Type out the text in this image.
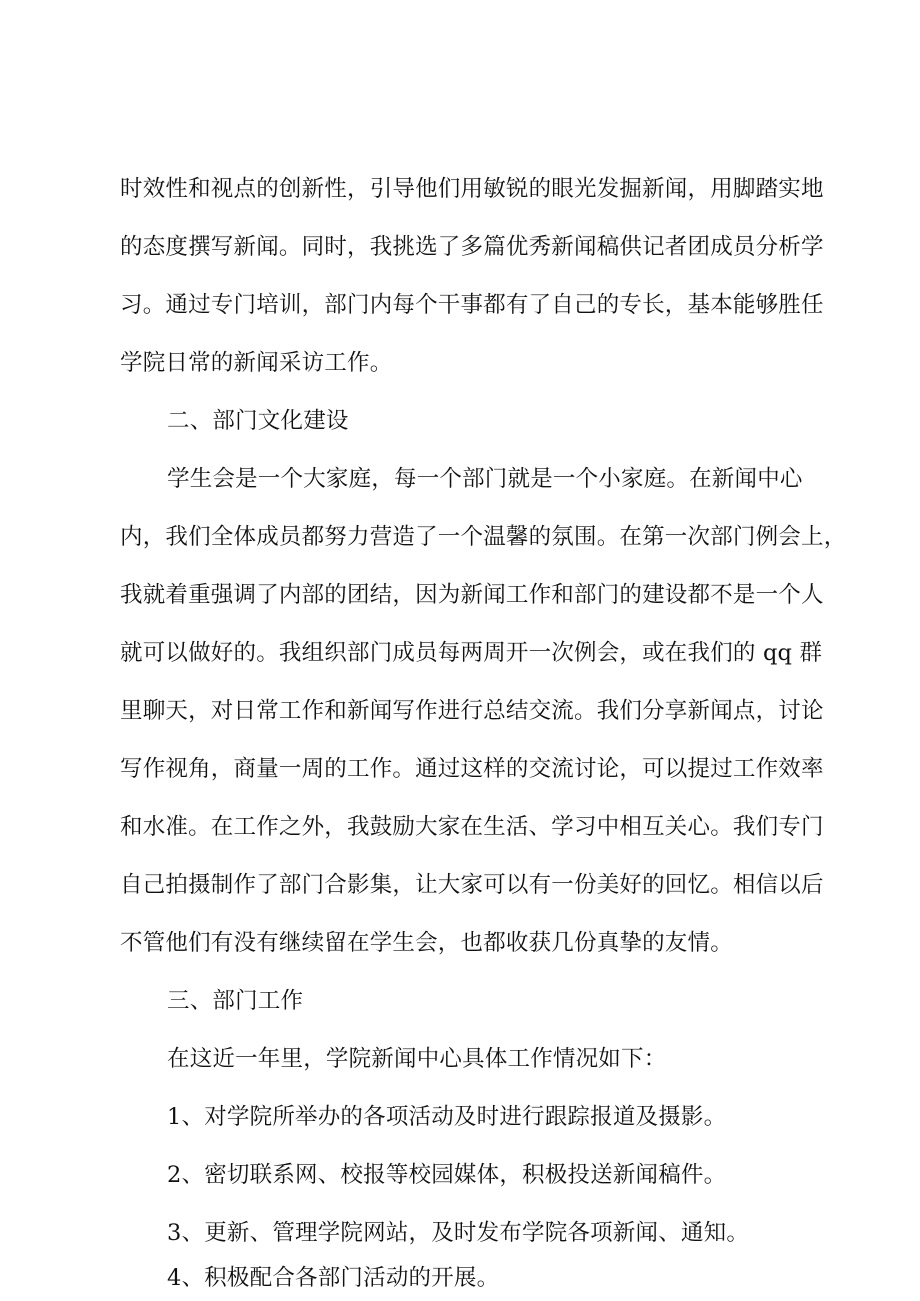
时效性和视点的创新性，引导他们用敏锐的眼光发掘新闻，用脚踏实地
的态度撰写新闻。同时，我挑选了多篇优秀新闻稿供记者团成员分析学
习。通过专门培训，部门内每个干事都有了自己的专长，基本能够胜任
学院日常的新闻采访工作。
二、部门文化建设
学生会是一个大家庭，每一个部门就是一个小家庭。在新闻中心
内，我们全体成员都努力营造了一个温馨的氛围。在第一次部门例会上，
我就着重强调了内部的团结，因为新闻工作和部门的建设都不是一个人
就可以做好的。我组织部门成员每两周开一次例会，或在我们的 qq 群
里聊天，对日常工作和新闻写作进行总结交流。我们分享新闻点，讨论
写作视角，商量一周的工作。通过这样的交流讨论，可以提过工作效率
和水准。在工作之外，我鼓励大家在生活、学习中相互关心。我们专门
自己拍摄制作了部门合影集，让大家可以有一份美好的回忆。相信以后
不管他们有没有继续留在学生会，也都收获几份真挚的友情。
三、部门工作
在这近一年里，学院新闻中心具体工作情况如下：
1、对学院所举办的各项活动及时进行跟踪报道及摄影。
2、密切联系网、校报等校园媒体，积极投送新闻稿件。
3、更新、管理学院网站，及时发布学院各项新闻、通知。
4、积极配合各部门活动的开展。
